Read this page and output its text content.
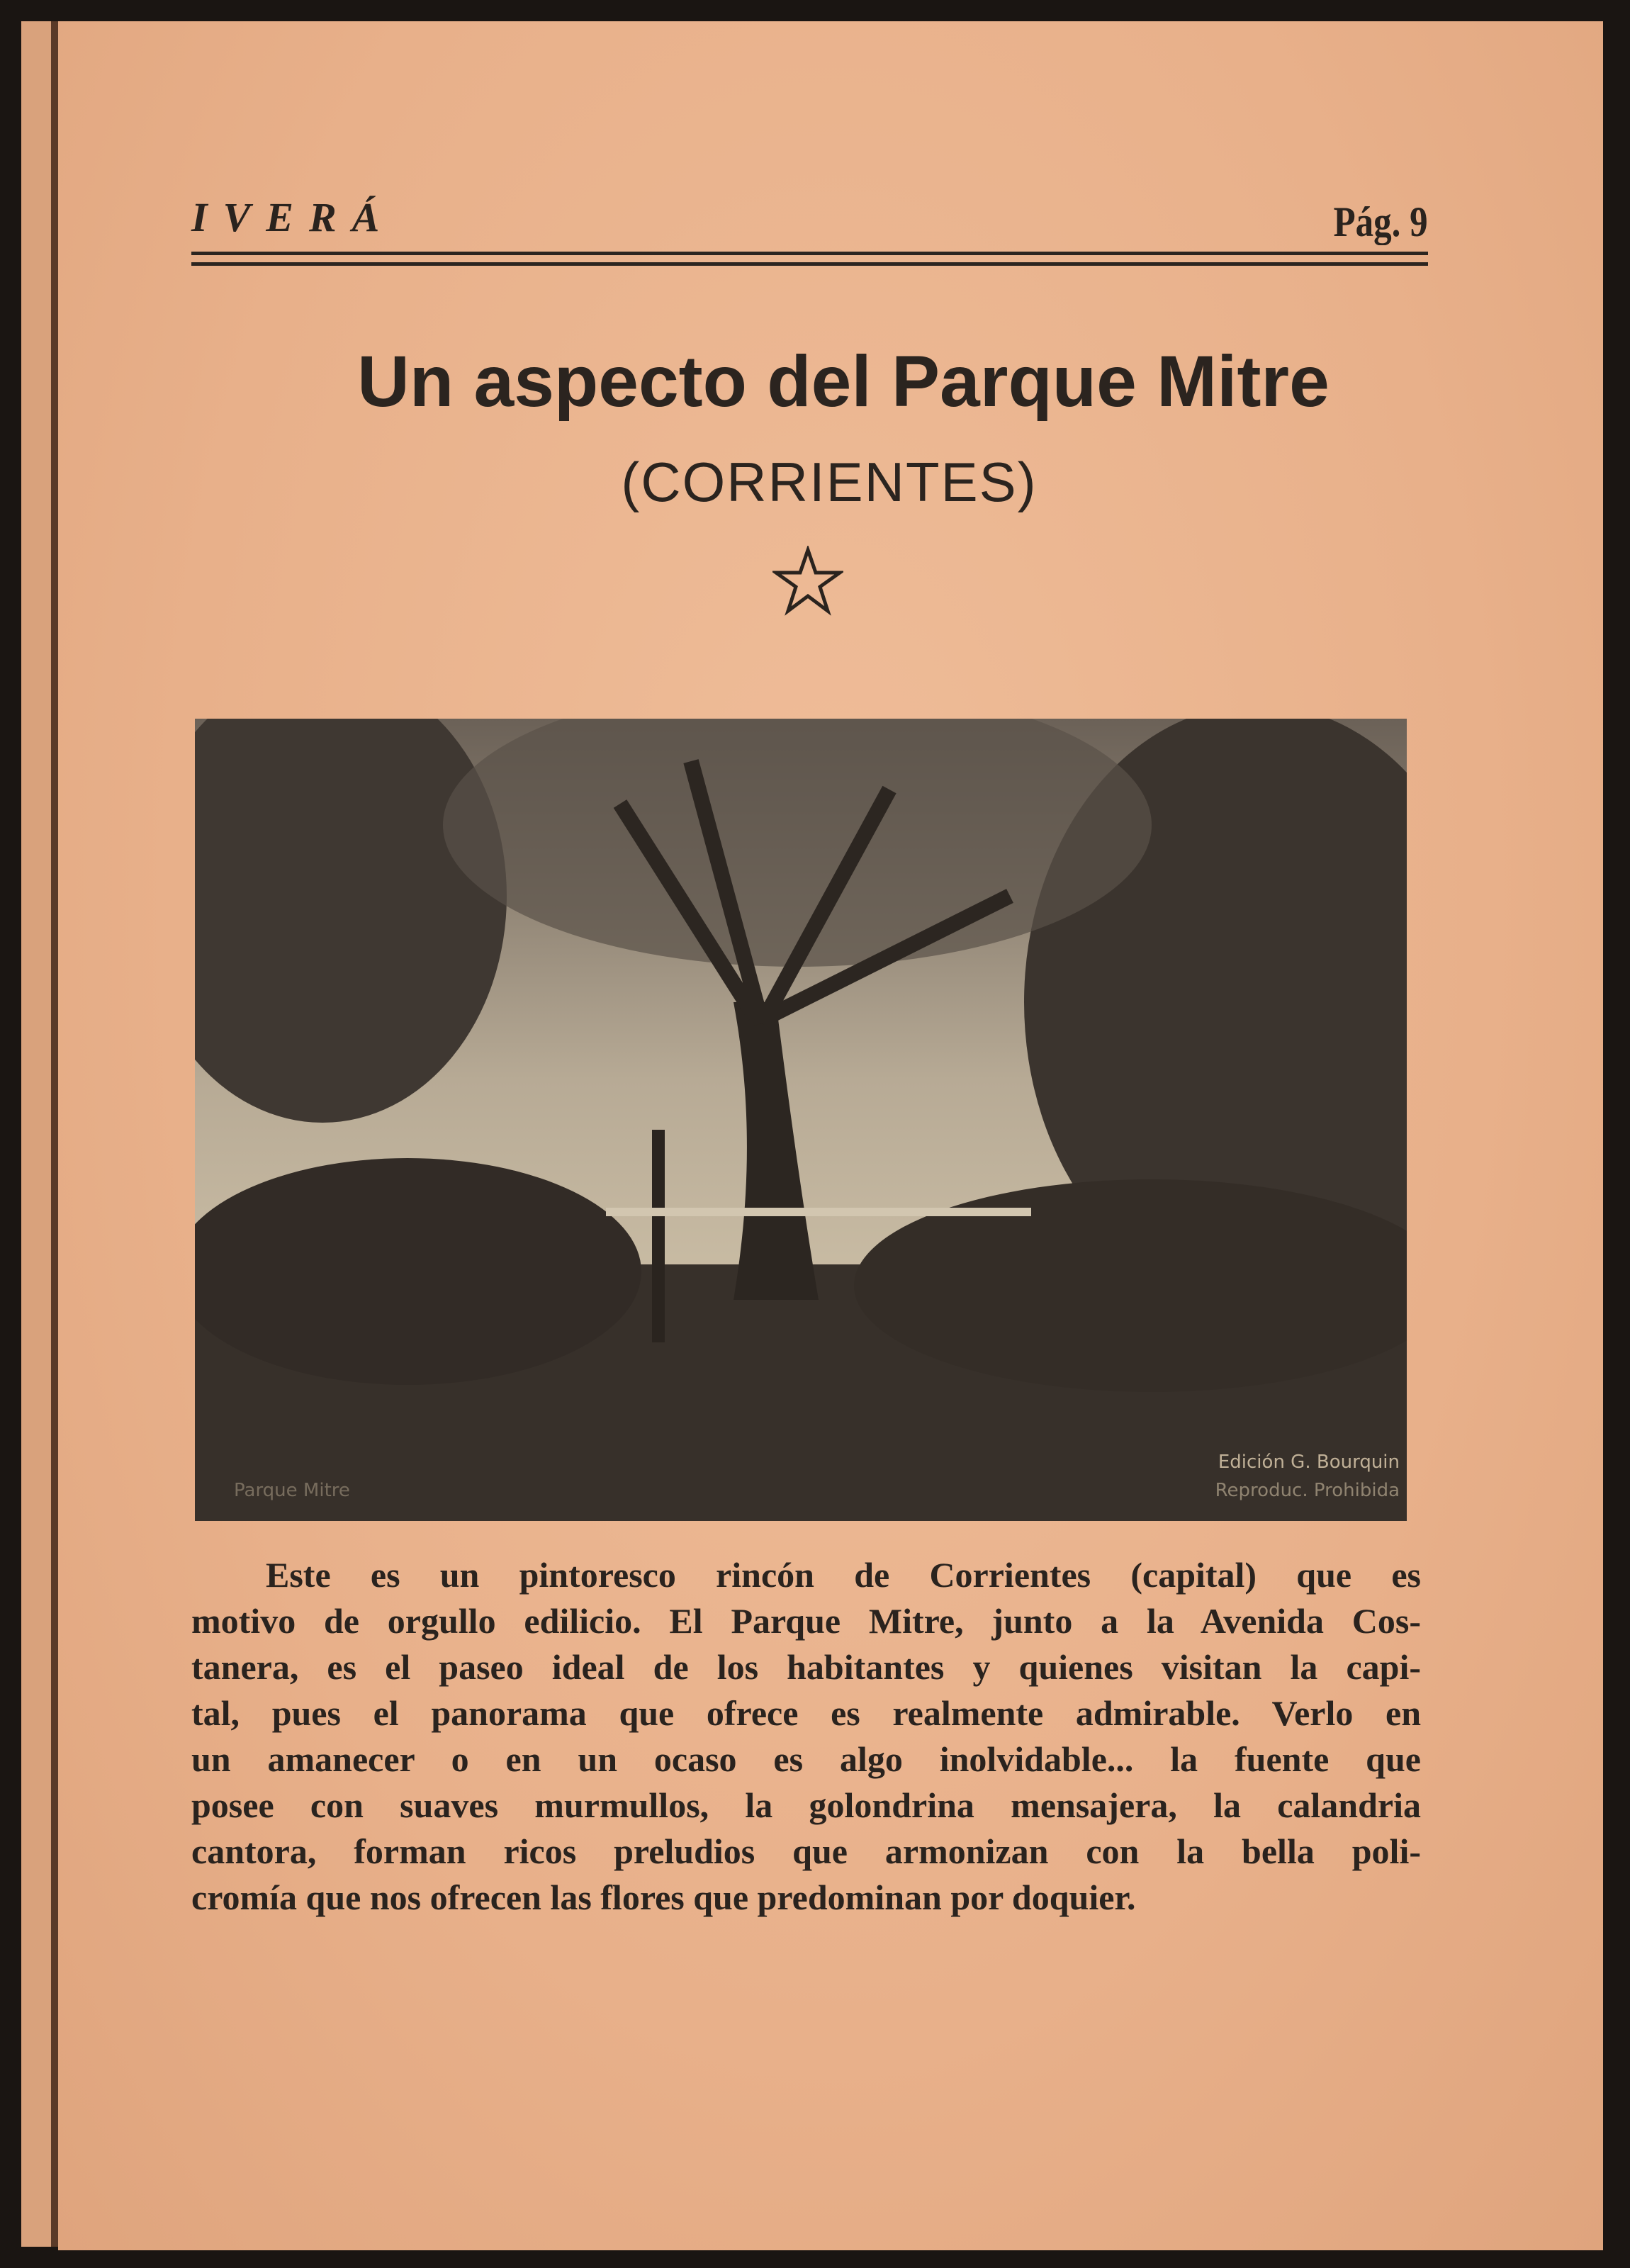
IVERÁ	Pág. 9
Un aspecto del Parque Mitre
(CORRIENTES)
Edición G. Bourquin
Reproduc. Prohibida
Parque Mitre
Este es un pintoresco rincón de Corrientes (capital) que es
motivo de orgullo edilicio. El Parque Mitre, junto a la Avenida Cos-
tanera, es el paseo ideal de los habitantes y quienes visitan la capi-
tal, pues el panorama que ofrece es realmente admirable. Verlo en
un amanecer o en un ocaso es algo inolvidable... la fuente que
posee con suaves murmullos, la golondrina mensajera, la calandria
cantora, forman ricos preludios que armonizan con la bella poli-
cromía que nos ofrecen las flores que predominan por doquier.
